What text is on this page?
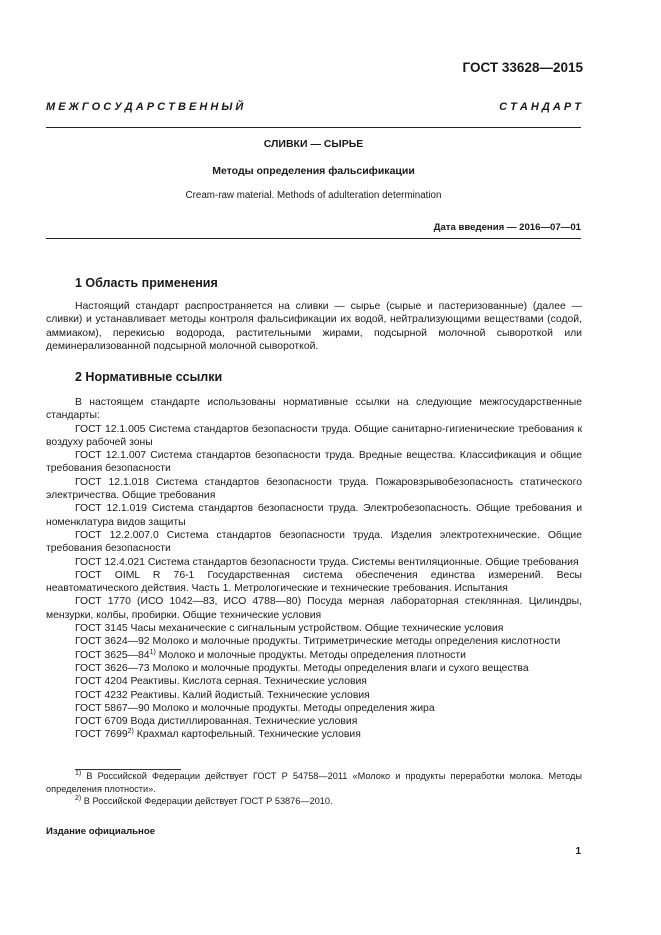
ГОСТ 33628—2015
М Е Ж Г О С У Д А Р С Т В Е Н Н Ы Й	С Т А Н Д А Р Т
СЛИВКИ — СЫРЬЕ
Методы определения фальсификации
Cream-raw material. Methods of adulteration determination
Дата введения — 2016—07—01
1 Область применения
Настоящий стандарт распространяется на сливки — сырье (сырые и пастеризованные) (далее — сливки) и устанавливает методы контроля фальсификации их водой, нейтрализующими веществами (содой, аммиаком), перекисью водорода, растительными жирами, подсырной молочной сывороткой или деминерализованной подсырной молочной сывороткой.
2 Нормативные ссылки

В настоящем стандарте использованы нормативные ссылки на следующие межгосударственные стандарты:

ГОСТ 12.1.005 Система стандартов безопасности труда. Общие санитарно-гигиенические требования к воздуху рабочей зоны

ГОСТ 12.1.007 Система стандартов безопасности труда. Вредные вещества. Классификация и общие требования безопасности

ГОСТ 12.1.018 Система стандартов безопасности труда. Пожаровзрывобезопасность статического электричества. Общие требования

ГОСТ 12.1.019 Система стандартов безопасности труда. Электробезопасность. Общие требования и номенклатура видов защиты

ГОСТ 12.2.007.0 Система стандартов безопасности труда. Изделия электротехнические. Общие требования безопасности

ГОСТ 12.4.021 Система стандартов безопасности труда. Системы вентиляционные. Общие требования

ГОСТ OIML R 76-1 Государственная система обеспечения единства измерений. Весы неавтоматического действия. Часть 1. Метрологические и технические требования. Испытания

ГОСТ 1770 (ИСО 1042—83, ИСО 4788—80) Посуда мерная лабораторная стеклянная. Цилиндры, мензурки, колбы, пробирки. Общие технические условия

ГОСТ 3145 Часы механические с сигнальным устройством. Общие технические условия

ГОСТ 3624—92 Молоко и молочные продукты. Титриметрические методы определения кислотности

ГОСТ 3625—84$^{1)}$ Молоко и молочные продукты. Методы определения плотности

ГОСТ 3626—73 Молоко и молочные продукты. Методы определения влаги и сухого вещества

ГОСТ 4204 Реактивы. Кислота серная. Технические условия

ГОСТ 4232 Реактивы. Калий йодистый. Технические условия

ГОСТ 5867—90 Молоко и молочные продукты. Методы определения жира

ГОСТ 6709 Вода дистиллированная. Технические условия

ГОСТ 7699$^{2)}$ Крахмал картофельный. Технические условия

$^{1)}$ В Российской Федерации действует ГОСТ Р 54758—2011 «Молоко и продукты переработки молока. Методы определения плотности».

$^{2)}$ В Российской Федерации действует ГОСТ Р 53876—2010.

Издание официальное
1
